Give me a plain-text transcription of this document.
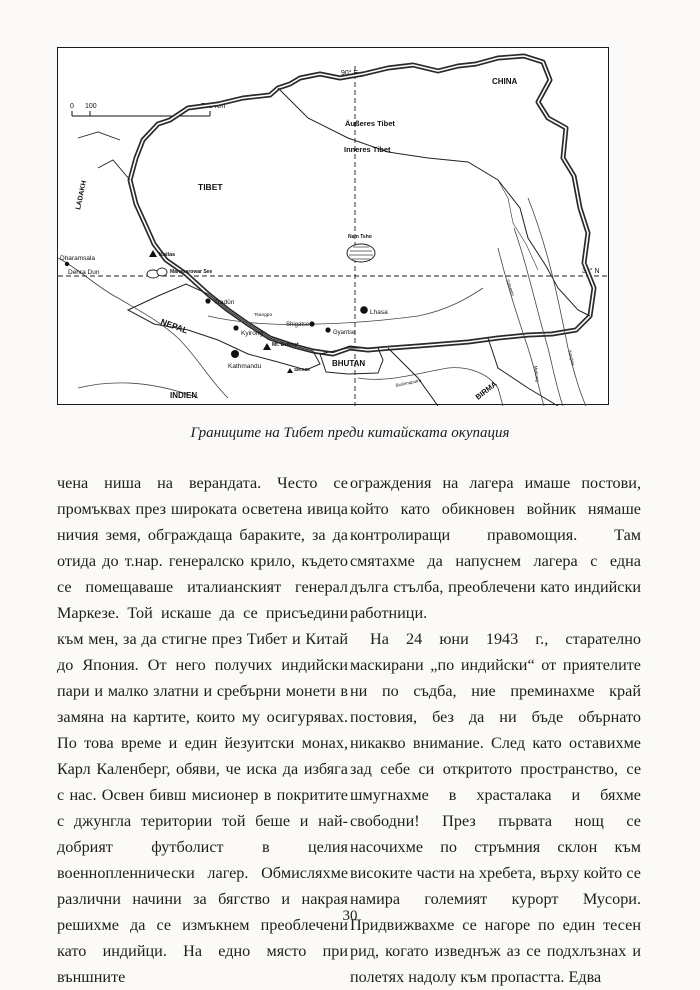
0 100	500 Km
90° E
30° N
CHINA
Äußeres Tibet
Inneres Tibet
TIBET
LADAKH
NEPAL
BHUTAN
INDIEN	BIRMA
SIKKIM
Nam Tsho
Kailas
Manasarowar See
Dharamsala
Dehra Dun
Tradün
Tsangpo	Lhasa
Shigatse
Gyantse
Kyirong
Mt. Everest
Kathmandu
Brahmaputra
Salween
Mekong
Yangtse
Границите на Тибет преди китайската окупация

чена ниша на верандата. Често се промъквах през широката осветена ивица ничия земя, обграждаща бараките, за да отида до т.нар. генералско крило, където се помещаваше италианският генерал Маркезе. Той искаше да се присъедини към мен, за да стигне през Тибет и Китай до Япония. От него получих индийски пари и малко златни и сребърни монети в замяна на картите, които му осигурявах. По това време и един йезуитски монах, Карл Каленберг, обяви, че иска да избяга с нас. Освен бивш мисионер в покритите с джунгла територии той беше и най-добрият футболист в целия военнопленнически лагер. Обмисляхме различни начини за бягство и накрая решихме да се измъкнем преоблечени като индийци. На едно място при външните

ограждения на лагера имаше постови, който като обикновен войник нямаше контролиращи правомощия. Там смятахме да напуснем лагера с една дълга стълба, преоблечени като индийски работници.

На 24 юни 1943 г., старателно маскирани „по индийски“ от приятелите ни по съдба, ние преминахме край постовия, без да ни бъде обърнато никакво внимание. След като оставихме зад себе си откритото пространство, се шмугнахме в храсталака и бяхме свободни! През първата нощ се насочихме по стръмния склон към високите части на хребета, върху който се намира големият курорт Мусори. Придвижвахме се нагоре по един тесен рид, когато изведнъж аз се подхлъзнах и полетях надолу към пропастта. Едва

30
